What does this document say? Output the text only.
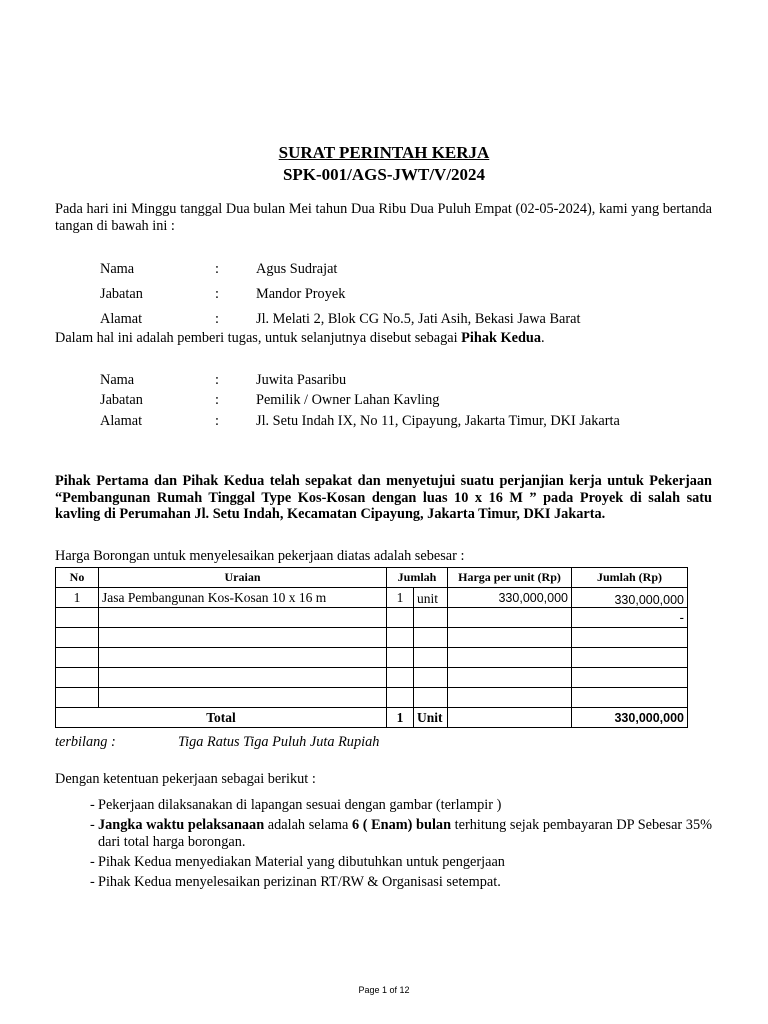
SURAT PERINTAH KERJA
SPK-001/AGS-JWT/V/2024
Pada hari ini Minggu tanggal Dua bulan Mei tahun Dua Ribu Dua Puluh Empat (02-05-2024), kami yang bertanda tangan di bawah ini :
Nama	:	Agus Sudrajat
Jabatan	:	Mandor Proyek
Alamat	:	Jl. Melati 2, Blok CG No.5, Jati Asih, Bekasi Jawa Barat
Dalam hal ini adalah pemberi tugas, untuk selanjutnya disebut sebagai Pihak Kedua.
Nama	:	Juwita Pasaribu
Jabatan	:	Pemilik / Owner Lahan Kavling
Alamat	:	Jl. Setu Indah IX, No 11, Cipayung, Jakarta Timur, DKI Jakarta
Pihak Pertama dan Pihak Kedua telah sepakat dan menyetujui suatu perjanjian kerja untuk Pekerjaan “Pembangunan Rumah Tinggal Type Kos-Kosan dengan luas 10 x 16 M ” pada Proyek di salah satu kavling di Perumahan Jl. Setu Indah, Kecamatan Cipayung, Jakarta Timur, DKI Jakarta.
Harga Borongan untuk menyelesaikan pekerjaan diatas adalah sebesar :
No	Uraian	Jumlah		Harga per unit (Rp)	Jumlah (Rp)
1	Jasa Pembangunan Kos-Kosan 10 x 16 m	1	unit	330,000,000	330,000,000
					-

Total		1	Unit		330,000,000
terbilang :	Tiga Ratus Tiga Puluh Juta Rupiah
Dengan ketentuan pekerjaan sebagai berikut :
- Pekerjaan dilaksanakan di lapangan sesuai dengan gambar (terlampir )
- Jangka waktu pelaksanaan adalah selama 6 ( Enam) bulan terhitung sejak pembayaran DP Sebesar 35% dari total harga borongan.
- Pihak Kedua menyediakan Material yang dibutuhkan untuk pengerjaan
- Pihak Kedua menyelesaikan perizinan RT/RW & Organisasi setempat.
Page 1 of 12
